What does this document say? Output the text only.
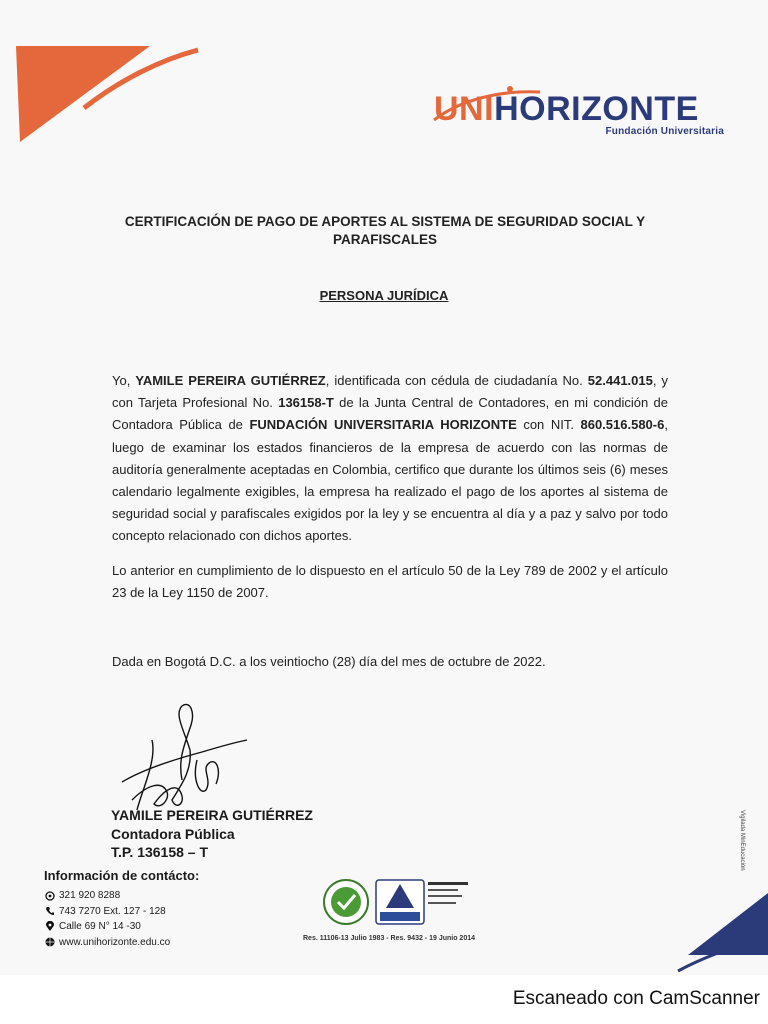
UNIHORIZONTE
Fundación Universitaria
CERTIFICACIÓN DE PAGO DE APORTES AL SISTEMA DE SEGURIDAD SOCIAL Y PARAFISCALES
PERSONA JURÍDICA
Yo, YAMILE PEREIRA GUTIÉRREZ, identificada con cédula de ciudadanía No. 52.441.015, y con Tarjeta Profesional No. 136158-T de la Junta Central de Contadores, en mi condición de Contadora Pública de FUNDACIÓN UNIVERSITARIA HORIZONTE con NIT. 860.516.580-6, luego de examinar los estados financieros de la empresa de acuerdo con las normas de auditoría generalmente aceptadas en Colombia, certifico que durante los últimos seis (6) meses calendario legalmente exigibles, la empresa ha realizado el pago de los aportes al sistema de seguridad social y parafiscales exigidos por la ley y se encuentra al día y a paz y salvo por todo concepto relacionado con dichos aportes.
Lo anterior en cumplimiento de lo dispuesto en el artículo 50 de la Ley 789 de 2002 y el artículo 23 de la Ley 1150 de 2007.
Dada en Bogotá D.C. a los veintiocho (28) día del mes de octubre de 2022.
YAMILE PEREIRA GUTIÉRREZ
Contadora Pública
T.P. 136158 – T
Información de contácto:
321 920 8288
743 7270 Ext. 127 - 128
Calle 69 N° 14 -30
www.unihorizonte.edu.co	Res. 11106-13 Julio 1983 - Res. 9432 - 19 Junio 2014
Vigilada MinEducación
Escaneado con CamScanner
